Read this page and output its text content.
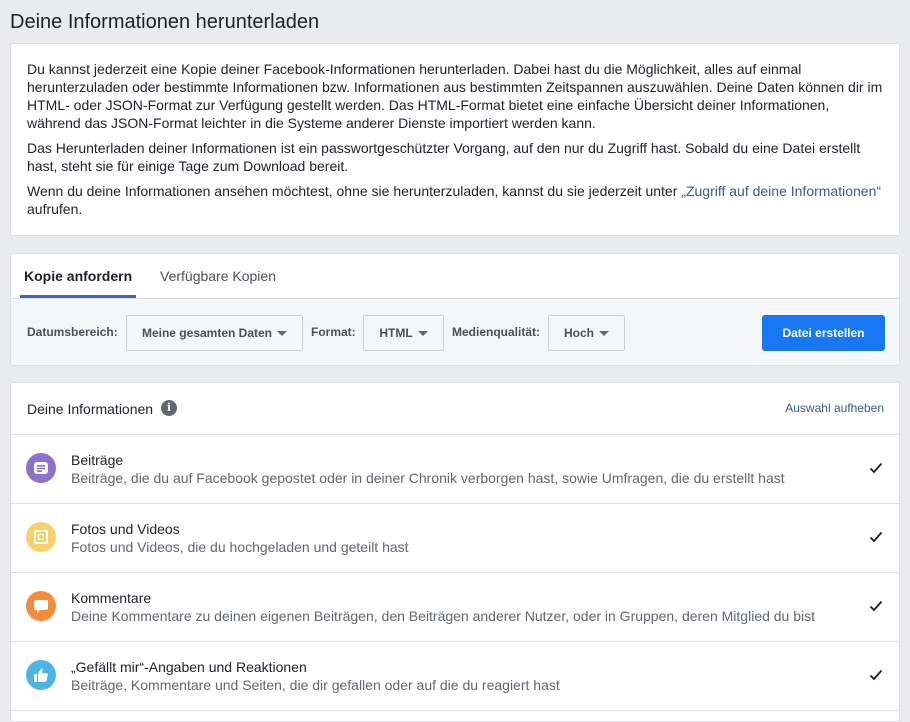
Deine Informationen herunterladen

Du kannst jederzeit eine Kopie deiner Facebook-Informationen herunterladen. Dabei hast du die Möglichkeit, alles auf einmal herunterzuladen oder bestimmte Informationen bzw. Informationen aus bestimmten Zeitspannen auszuwählen. Deine Daten können dir im HTML- oder JSON-Format zur Verfügung gestellt werden. Das HTML-Format bietet eine einfache Übersicht deiner Informationen, während das JSON-Format leichter in die Systeme anderer Dienste importiert werden kann.

Das Herunterladen deiner Informationen ist ein passwortgeschützter Vorgang, auf den nur du Zugriff hast. Sobald du eine Datei erstellt hast, steht sie für einige Tage zum Download bereit.

Wenn du deine Informationen ansehen möchtest, ohne sie herunterzuladen, kannst du sie jederzeit unter „Zugriff auf deine Informationen“ aufrufen.

Kopie anfordern Verfügbare Kopien
Datumsbereich:	Meine gesamten Daten	Format:	HTML	Medienqualität:	Hoch	Datei erstellen
Deine Informationen	i	Auswahl aufheben
Beiträge
Beiträge, die du auf Facebook gepostet oder in deiner Chronik verborgen hast, sowie Umfragen, die du erstellt hast
Fotos und Videos
Fotos und Videos, die du hochgeladen und geteilt hast
Kommentare
Deine Kommentare zu deinen eigenen Beiträgen, den Beiträgen anderer Nutzer, oder in Gruppen, deren Mitglied du bist
„Gefällt mir“-Angaben und Reaktionen
Beiträge, Kommentare und Seiten, die dir gefallen oder auf die du reagiert hast
